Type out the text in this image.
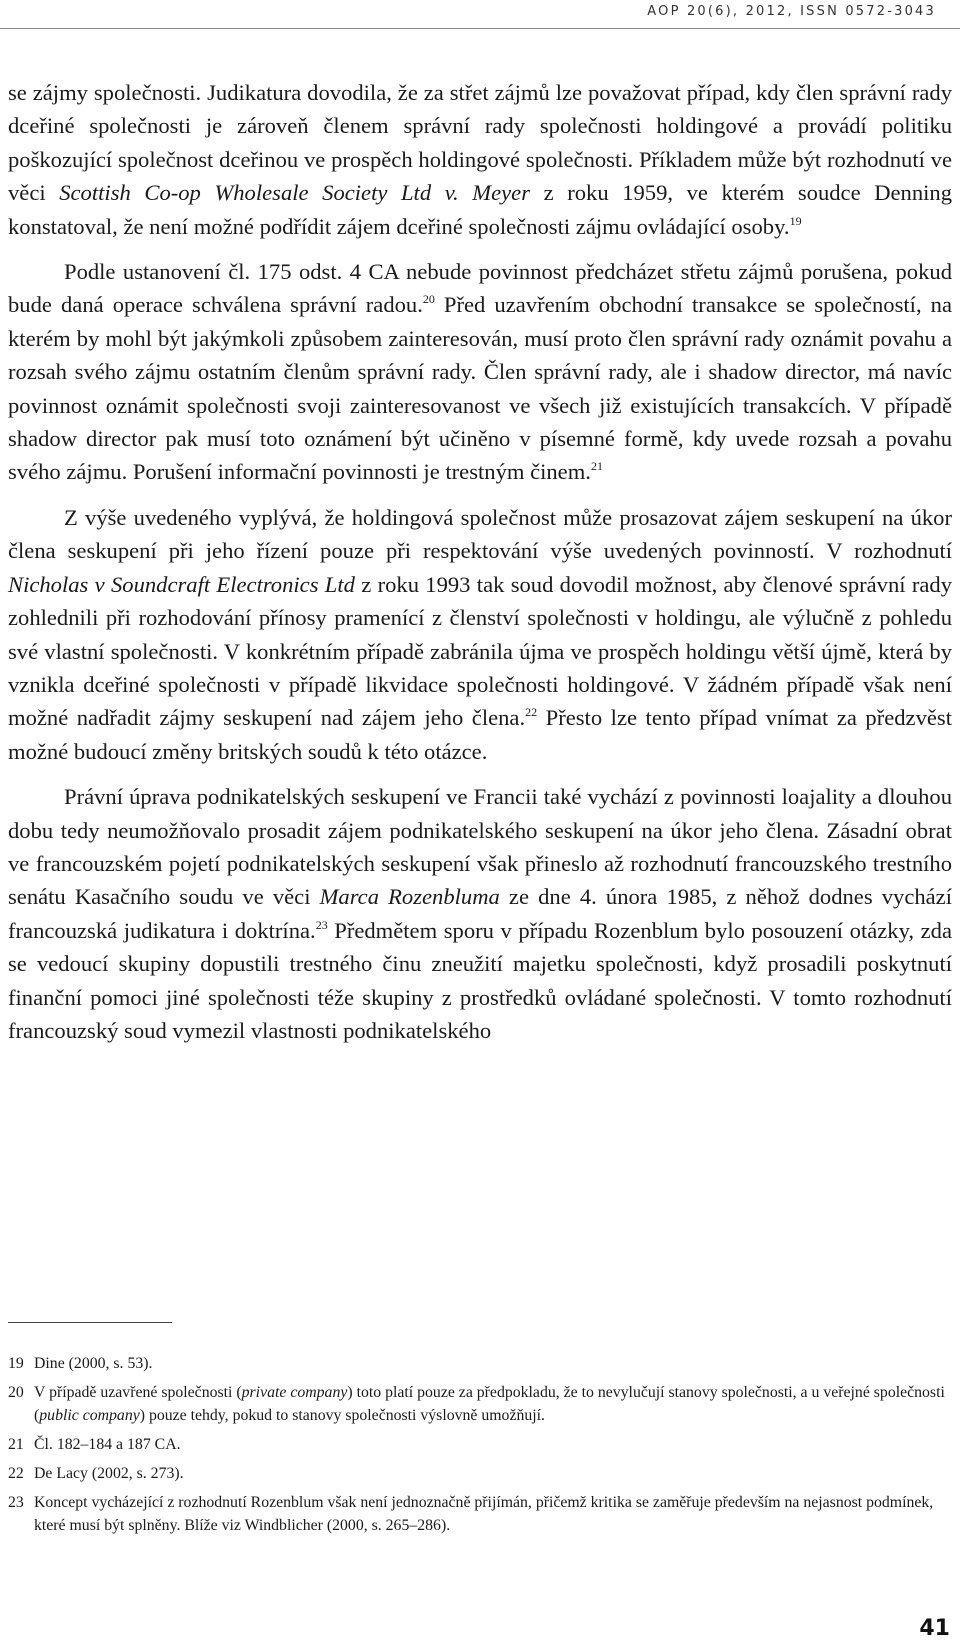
AOP 20(6), 2012, ISSN 0572-3043

se zájmy společnosti. Judikatura dovodila, že za střet zájmů lze považovat případ, kdy člen správní rady dceřiné společnosti je zároveň členem správní rady společnosti holdingové a provádí politiku poškozující společnost dceřinou ve prospěch holdingové společnosti. Příkladem může být rozhodnutí ve věci Scottish Co-op Wholesale Society Ltd v. Meyer z roku 1959, ve kterém soudce Denning konstatoval, že není možné podřídit zájem dceřiné společnosti zájmu ovládající osoby.$^{19}$

Podle ustanovení čl. 175 odst. 4 CA nebude povinnost předcházet střetu zájmů porušena, pokud bude daná operace schválena správní radou.$^{20}$ Před uzavřením obchodní transakce se společností, na kterém by mohl být jakýmkoli způsobem zainteresován, musí proto člen správní rady oznámit povahu a rozsah svého zájmu ostatním členům správní rady. Člen správní rady, ale i shadow director, má navíc povinnost oznámit společnosti svoji zainteresovanost ve všech již existujících transakcích. V případě shadow director pak musí toto oznámení být učiněno v písemné formě, kdy uvede rozsah a povahu svého zájmu. Porušení informační povinnosti je trestným činem.$^{21}$

Z výše uvedeného vyplývá, že holdingová společnost může prosazovat zájem seskupení na úkor člena seskupení při jeho řízení pouze při respektování výše uvedených povinností. V rozhodnutí Nicholas v Soundcraft Electronics Ltd z roku 1993 tak soud dovodil možnost, aby členové správní rady zohlednili při rozhodování přínosy pramenící z členství společnosti v holdingu, ale výlučně z pohledu své vlastní společnosti. V konkrétním případě zabránila újma ve prospěch holdingu větší újmě, která by vznikla dceřiné společnosti v případě likvidace společnosti holdingové. V žádném případě však není možné nadřadit zájmy seskupení nad zájem jeho člena.$^{22}$ Přesto lze tento případ vnímat za předzvěst možné budoucí změny britských soudů k této otázce.

Právní úprava podnikatelských seskupení ve Francii také vychází z povinnosti loajality a dlouhou dobu tedy neumožňovalo prosadit zájem podnikatelského seskupení na úkor jeho člena. Zásadní obrat ve francouzském pojetí podnikatelských seskupení však přineslo až rozhodnutí francouzského trestního senátu Kasačního soudu ve věci Marca Rozenbluma ze dne 4. února 1985, z něhož dodnes vychází francouzská judikatura i doktrína.$^{23}$ Předmětem sporu v případu Rozenblum bylo posouzení otázky, zda se vedoucí skupiny dopustili trestného činu zneužití majetku společnosti, když prosadili poskytnutí finanční pomoci jiné společnosti téže skupiny z prostředků ovládané společnosti. V tomto rozhodnutí francouzský soud vymezil vlastnosti podnikatelského

19 Dine (2000, s. 53).
20 V případě uzavřené společnosti (private company) toto platí pouze za předpokladu, že to nevylučují stanovy společnosti, a u veřejné společnosti (public company) pouze tehdy, pokud to stanovy společnosti výslovně umožňují.
21 Čl. 182–184 a 187 CA.
22 De Lacy (2002, s. 273).
23 Koncept vycházející z rozhodnutí Rozenblum však není jednoznačně přijímán, přičemž kritika se zaměřuje především na nejasnost podmínek, které musí být splněny. Blíže viz Windblicher (2000, s. 265–286).
41
